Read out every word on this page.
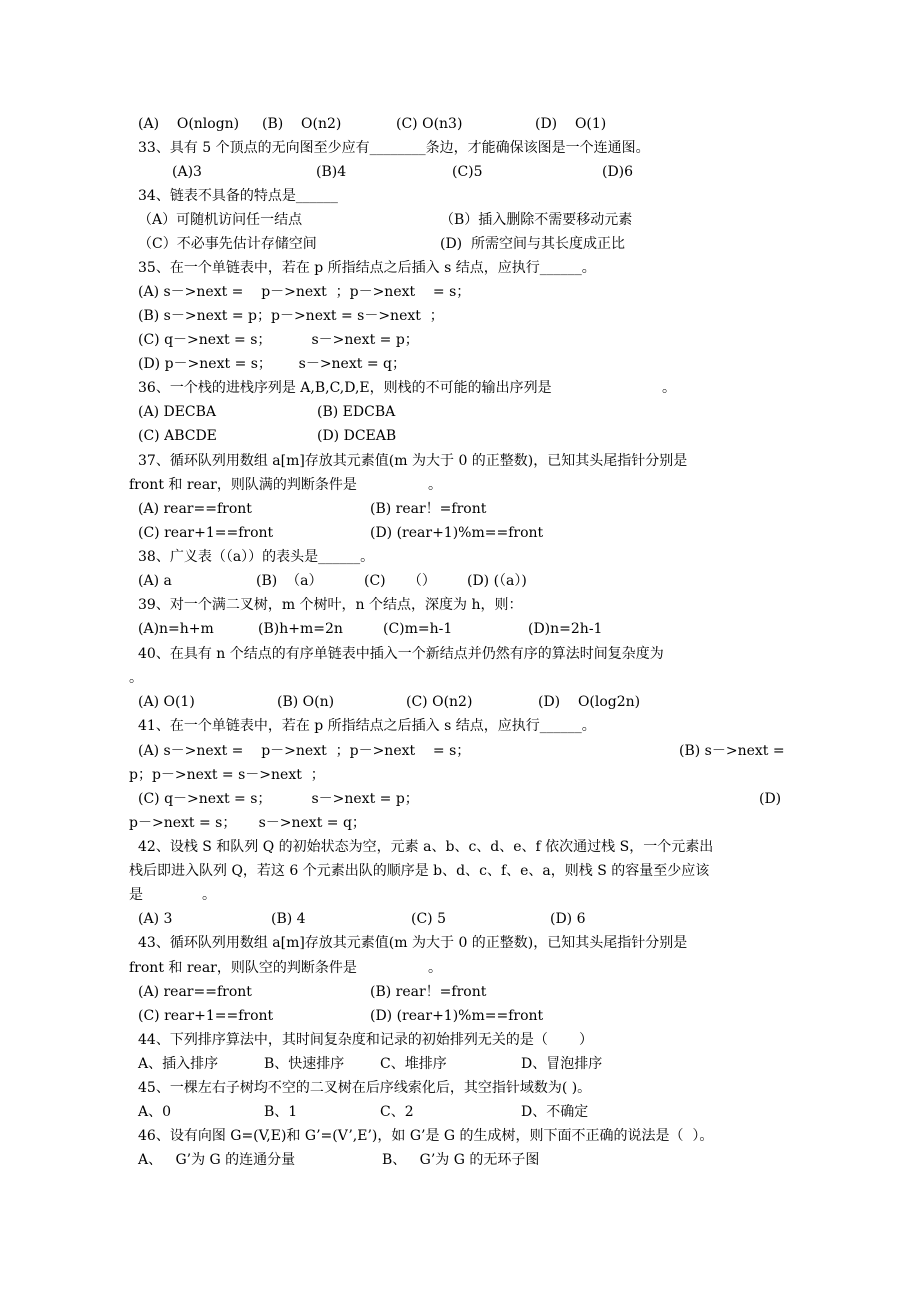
(A)    O(nlogn)

(B)    O(n2)

	(C) O(n3)

	(D)    O(1)

33、具有 5 个顶点的无向图至少应有________条边，才能确保该图是一个连通图。

(A)3

	(B)4

	(C)5

	(D)6

34、链表不具备的特点是______

（A）可随机访问任一结点

	（B）插入删除不需要移动元素

（C）不必事先估计存储空间

	(D)  所需空间与其长度成正比

35、在一个单链表中，若在 p 所指结点之后插入 s 结点，应执行______。

(A) s－>next =    p－>next  ；p－>next    = s；

(B) s－>next = p；p－>next = s－>next  ；

(C) q－>next = s；         s－>next = p；

(D) p－>next = s；      s－>next = q；

36、一个栈的进栈序列是 A,B,C,D,E，则栈的不可能的输出序列是

	。

(A) DECBA

	(B) EDCBA

(C) ABCDE

	(D) DCEAB

37、循环队列用数组 a[m]存放其元素值(m 为大于 0 的正整数)，已知其头尾指针分别是

front 和 rear，则队满的判断条件是

	。

(A) rear==front

	(B) rear！=front

(C) rear+1==front

	(D) (rear+1)%m==front

38、广义表（（a））的表头是______。

(A) a

	(B)  （a）

	(C)     （）

(D) (（a）)

39、对一个满二叉树，m 个树叶，n 个结点，深度为 h，则：

(A)n=h+m

	(B)h+m=2n

	(C)m=h-1

	(D)n=2h-1

40、在具有 n 个结点的有序单链表中插入一个新结点并仍然有序的算法时间复杂度为

。

(A) O(1)

	(B) O(n)

	(C) O(n2)

	(D)    O(log2n)

41、在一个单链表中，若在 p 所指结点之后插入 s 结点，应执行______。

(A) s－>next =    p－>next  ；p－>next    = s；

	(B) s－>next =

p；p－>next = s－>next  ；

(C) q－>next = s；         s－>next = p；

	(D)

p－>next = s；     s－>next = q；

42、设栈 S 和队列 Q 的初始状态为空，元素 a、b、c、d、e、f 依次通过栈 S，一个元素出

栈后即进入队列 Q，若这 6 个元素出队的顺序是 b、d、c、f、e、a，则栈 S 的容量至少应该

是

	。

(A) 3

	(B) 4

	(C) 5

	(D) 6

43、循环队列用数组 a[m]存放其元素值(m 为大于 0 的正整数)，已知其头尾指针分别是

front 和 rear，则队空的判断条件是

	。

(A) rear==front

	(B) rear！=front

(C) rear+1==front

	(D) (rear+1)%m==front

44、下列排序算法中，其时间复杂度和记录的初始排列无关的是（       ）

A、插入排序

	B、快速排序

	C、堆排序

	D、冒泡排序

45、一棵左右子树均不空的二叉树在后序线索化后，其空指针域数为( )。

A、0

	B、1

	C、2

	D、不确定

46、设有向图 G=(V,E)和 G’=(V’,E’)，如 G’是 G 的生成树，则下面不正确的说法是（  ）。

A、   G’为 G 的连通分量

	B、   G’为 G 的无环子图
